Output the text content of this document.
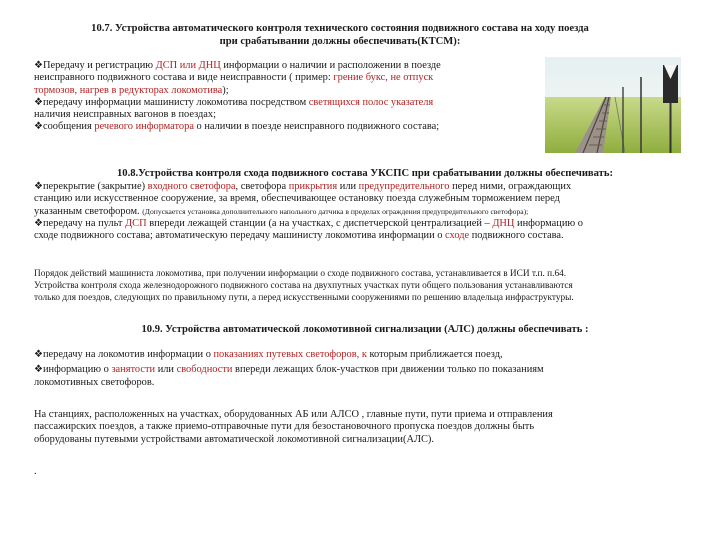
10.7. Устройства автоматического контроля технического состояния подвижного состава на ходу поезда
при срабатывании должны обеспечивать(КТСМ):
❖Передачу и регистрацию ДСП или ДНЦ информации о наличии и расположении в поезде
неисправного подвижного состава и виде неисправности ( пример: грение букс, не отпуск
тормозов, нагрев в редукторах локомотива);
❖передачу информации машинисту локомотива посредством светящихся полос указателя
наличия неисправных вагонов в поездах;
❖сообщения речевого информатора о наличии в поезде неисправного подвижного состава;
10.8.Устройства контроля схода подвижного состава УКСПС при срабатывании должны обеспечивать:
❖перекрытие (закрытие) входного светофора, светофора прикрытия или предупредительного перед ними, ограждающих
станцию или искусственное сооружение, за время, обеспечивающее остановку поезда служебным торможением перед
указанным светофором. (Допускается установка дополнительного напольного датчика в пределах ограждения предупредительного светофора);
❖передачу на пульт ДСП впереди лежащей станции (а на участках, с диспетчерской централизацией – ДНЦ информацию о
сходе подвижного состава; автоматическую передачу машинисту локомотива информации о сходе подвижного состава.
Порядок действий машиниста локомотива, при получении информации о сходе подвижного состава, устанавливается в ИСИ т.п. п.64.
Устройства контроля схода железнодорожного подвижного состава на двухпутных участках пути общего пользования устанавливаются
только для поездов, следующих по правильному пути, а перед искусственными сооружениями по решению владельца инфраструктуры.
10.9. Устройства автоматической локомотивной сигнализации (АЛС) должны обеспечивать :
❖передачу на локомотив информации о показаниях путевых светофоров, к которым приближается поезд,
❖информацию о занятости или свободности впереди лежащих блок-участков при движении только по показаниям
локомотивных светофоров.
На станциях, расположенных на участках, оборудованных АБ или АЛСО , главные пути, пути приема и отправления
пассажирских поездов, а также приемо-отправочные пути для безостановочного пропуска поездов должны быть
оборудованы путевыми устройствами автоматической локомотивной сигнализации(АЛС).
.
